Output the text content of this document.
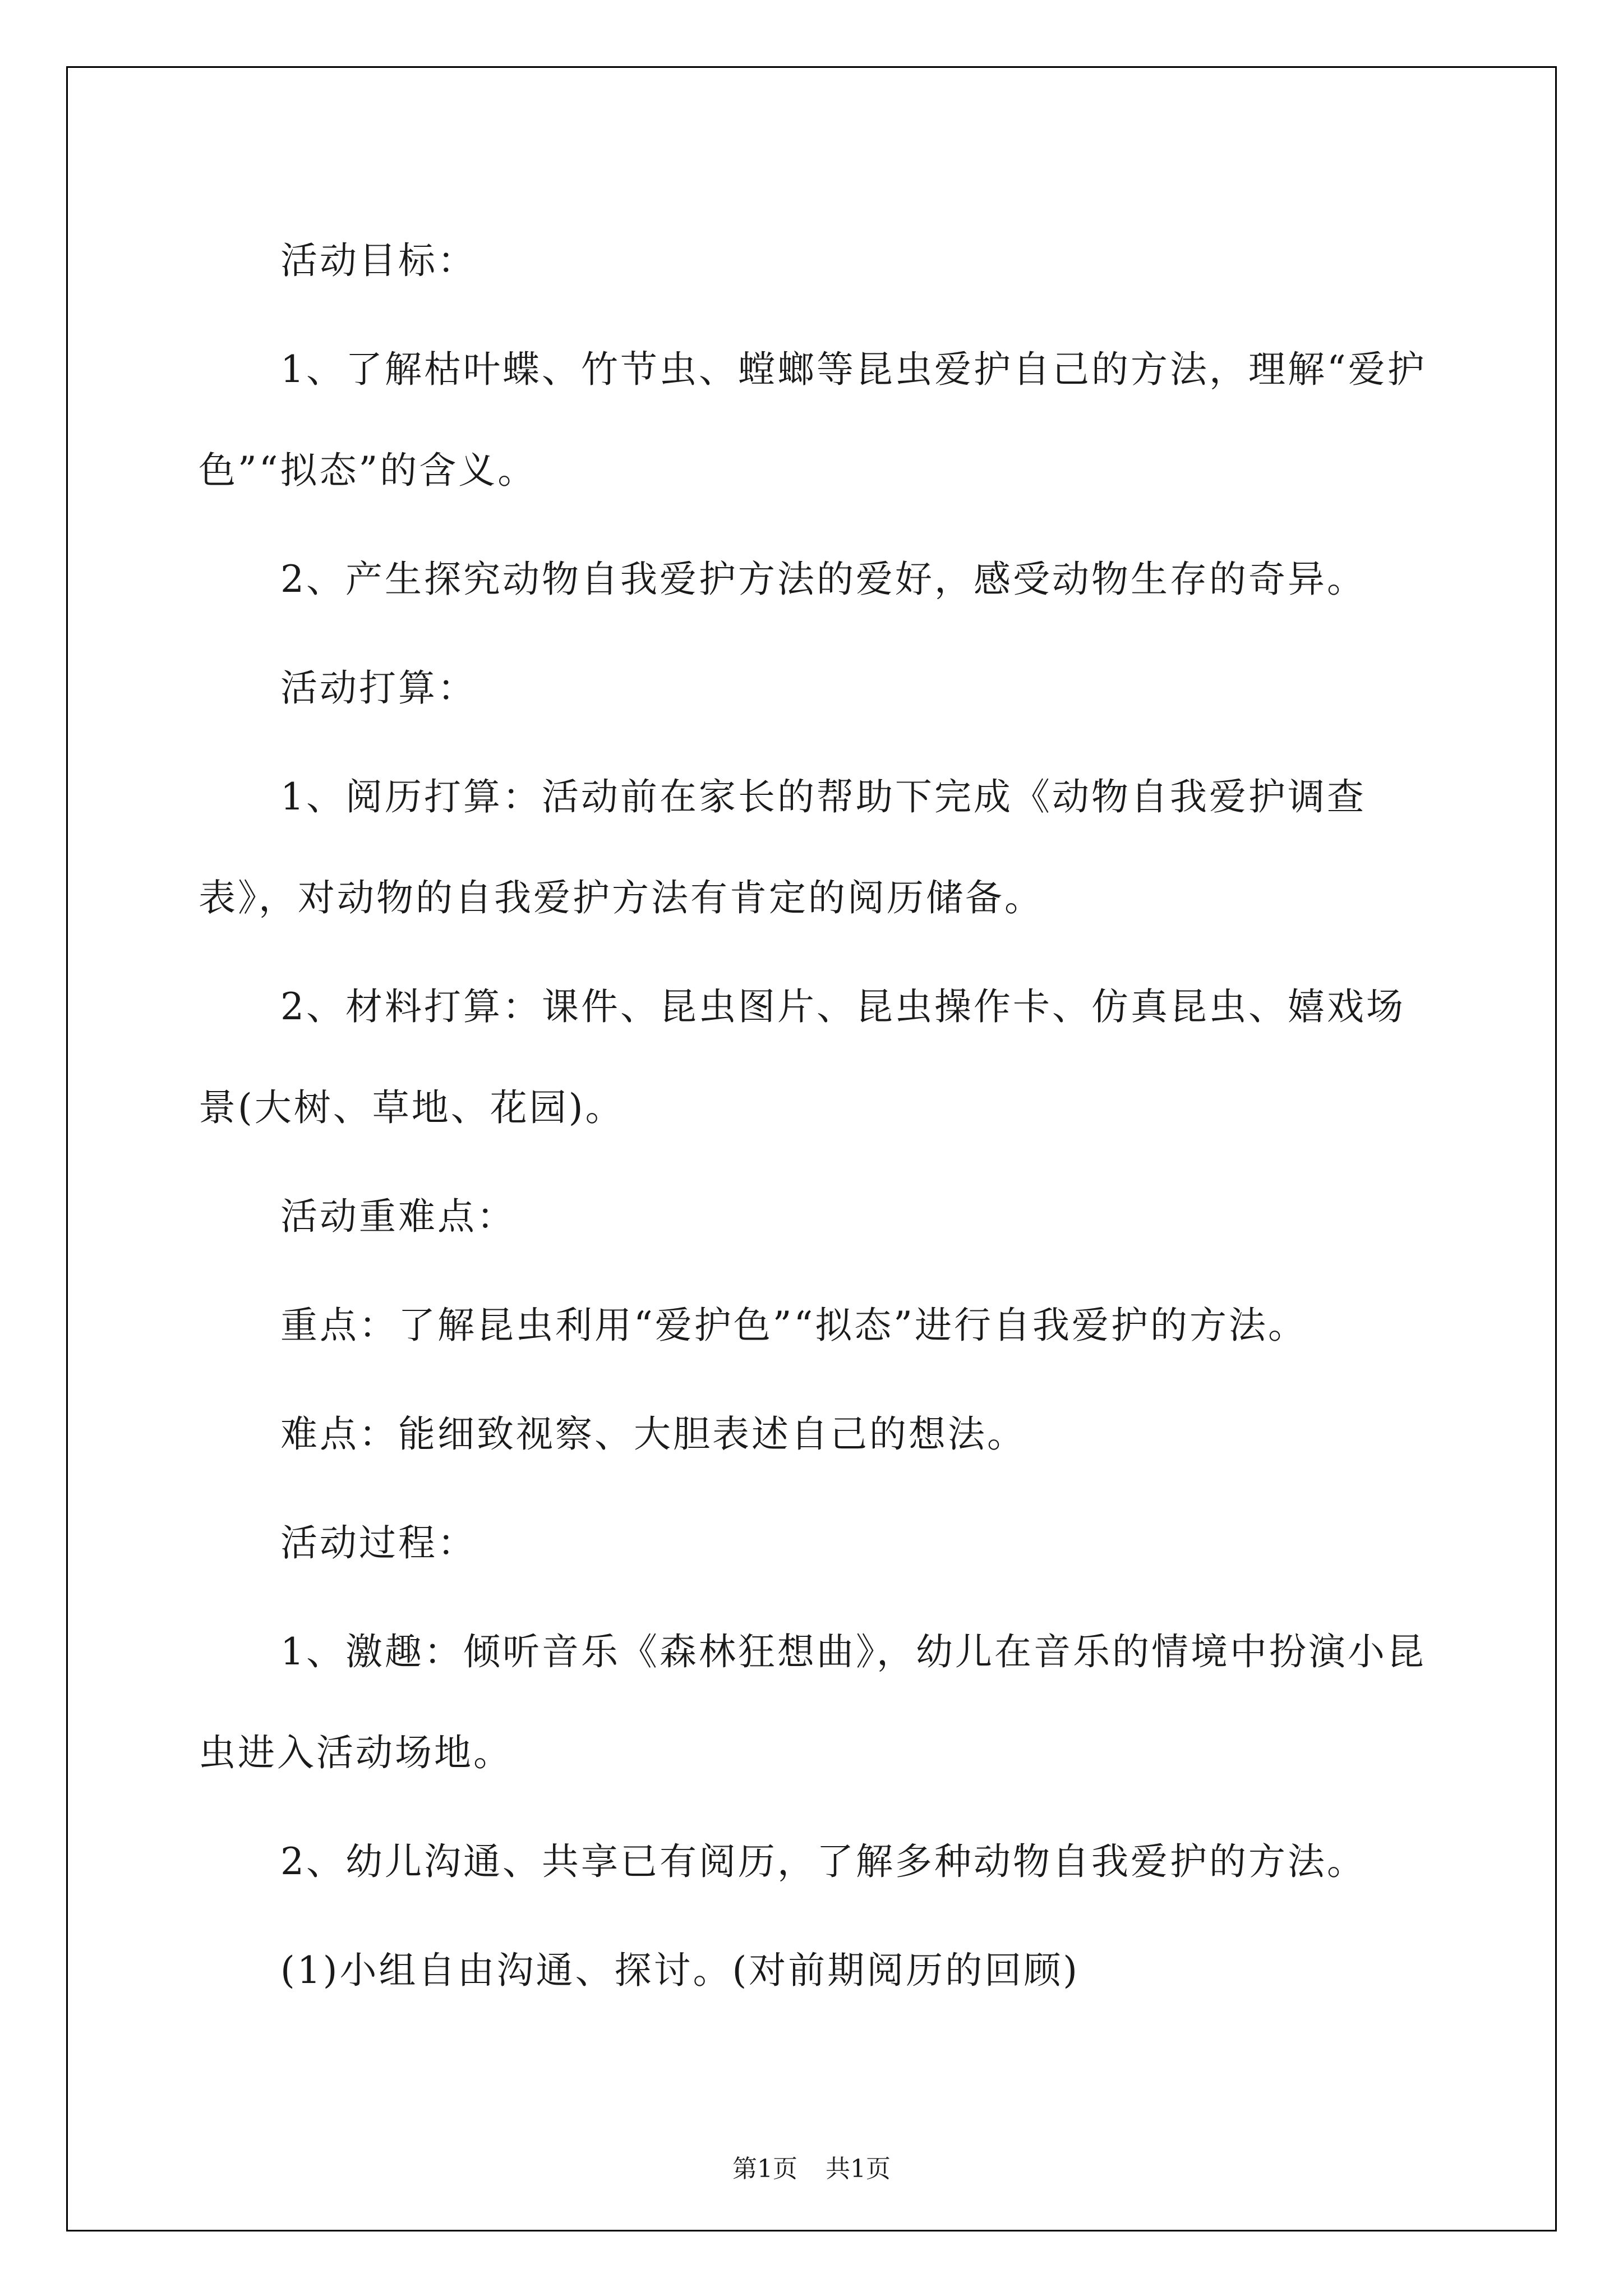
活动目标：

1、了解枯叶蝶、竹节虫、螳螂等昆虫爱护自己的方法，理解“爱护色”“拟态”的含义。

2、产生探究动物自我爱护方法的爱好，感受动物生存的奇异。

活动打算：

1、阅历打算：活动前在家长的帮助下完成《动物自我爱护调查表》，对动物的自我爱护方法有肯定的阅历储备。

2、材料打算：课件、昆虫图片、昆虫操作卡、仿真昆虫、嬉戏场景(大树、草地、花园)。

活动重难点：

重点：了解昆虫利用“爱护色”“拟态”进行自我爱护的方法。

难点：能细致视察、大胆表述自己的想法。

活动过程：

1、激趣：倾听音乐《森林狂想曲》，幼儿在音乐的情境中扮演小昆虫进入活动场地。

2、幼儿沟通、共享已有阅历，了解多种动物自我爱护的方法。

(1)小组自由沟通、探讨。(对前期阅历的回顾)

第1页 共1页
